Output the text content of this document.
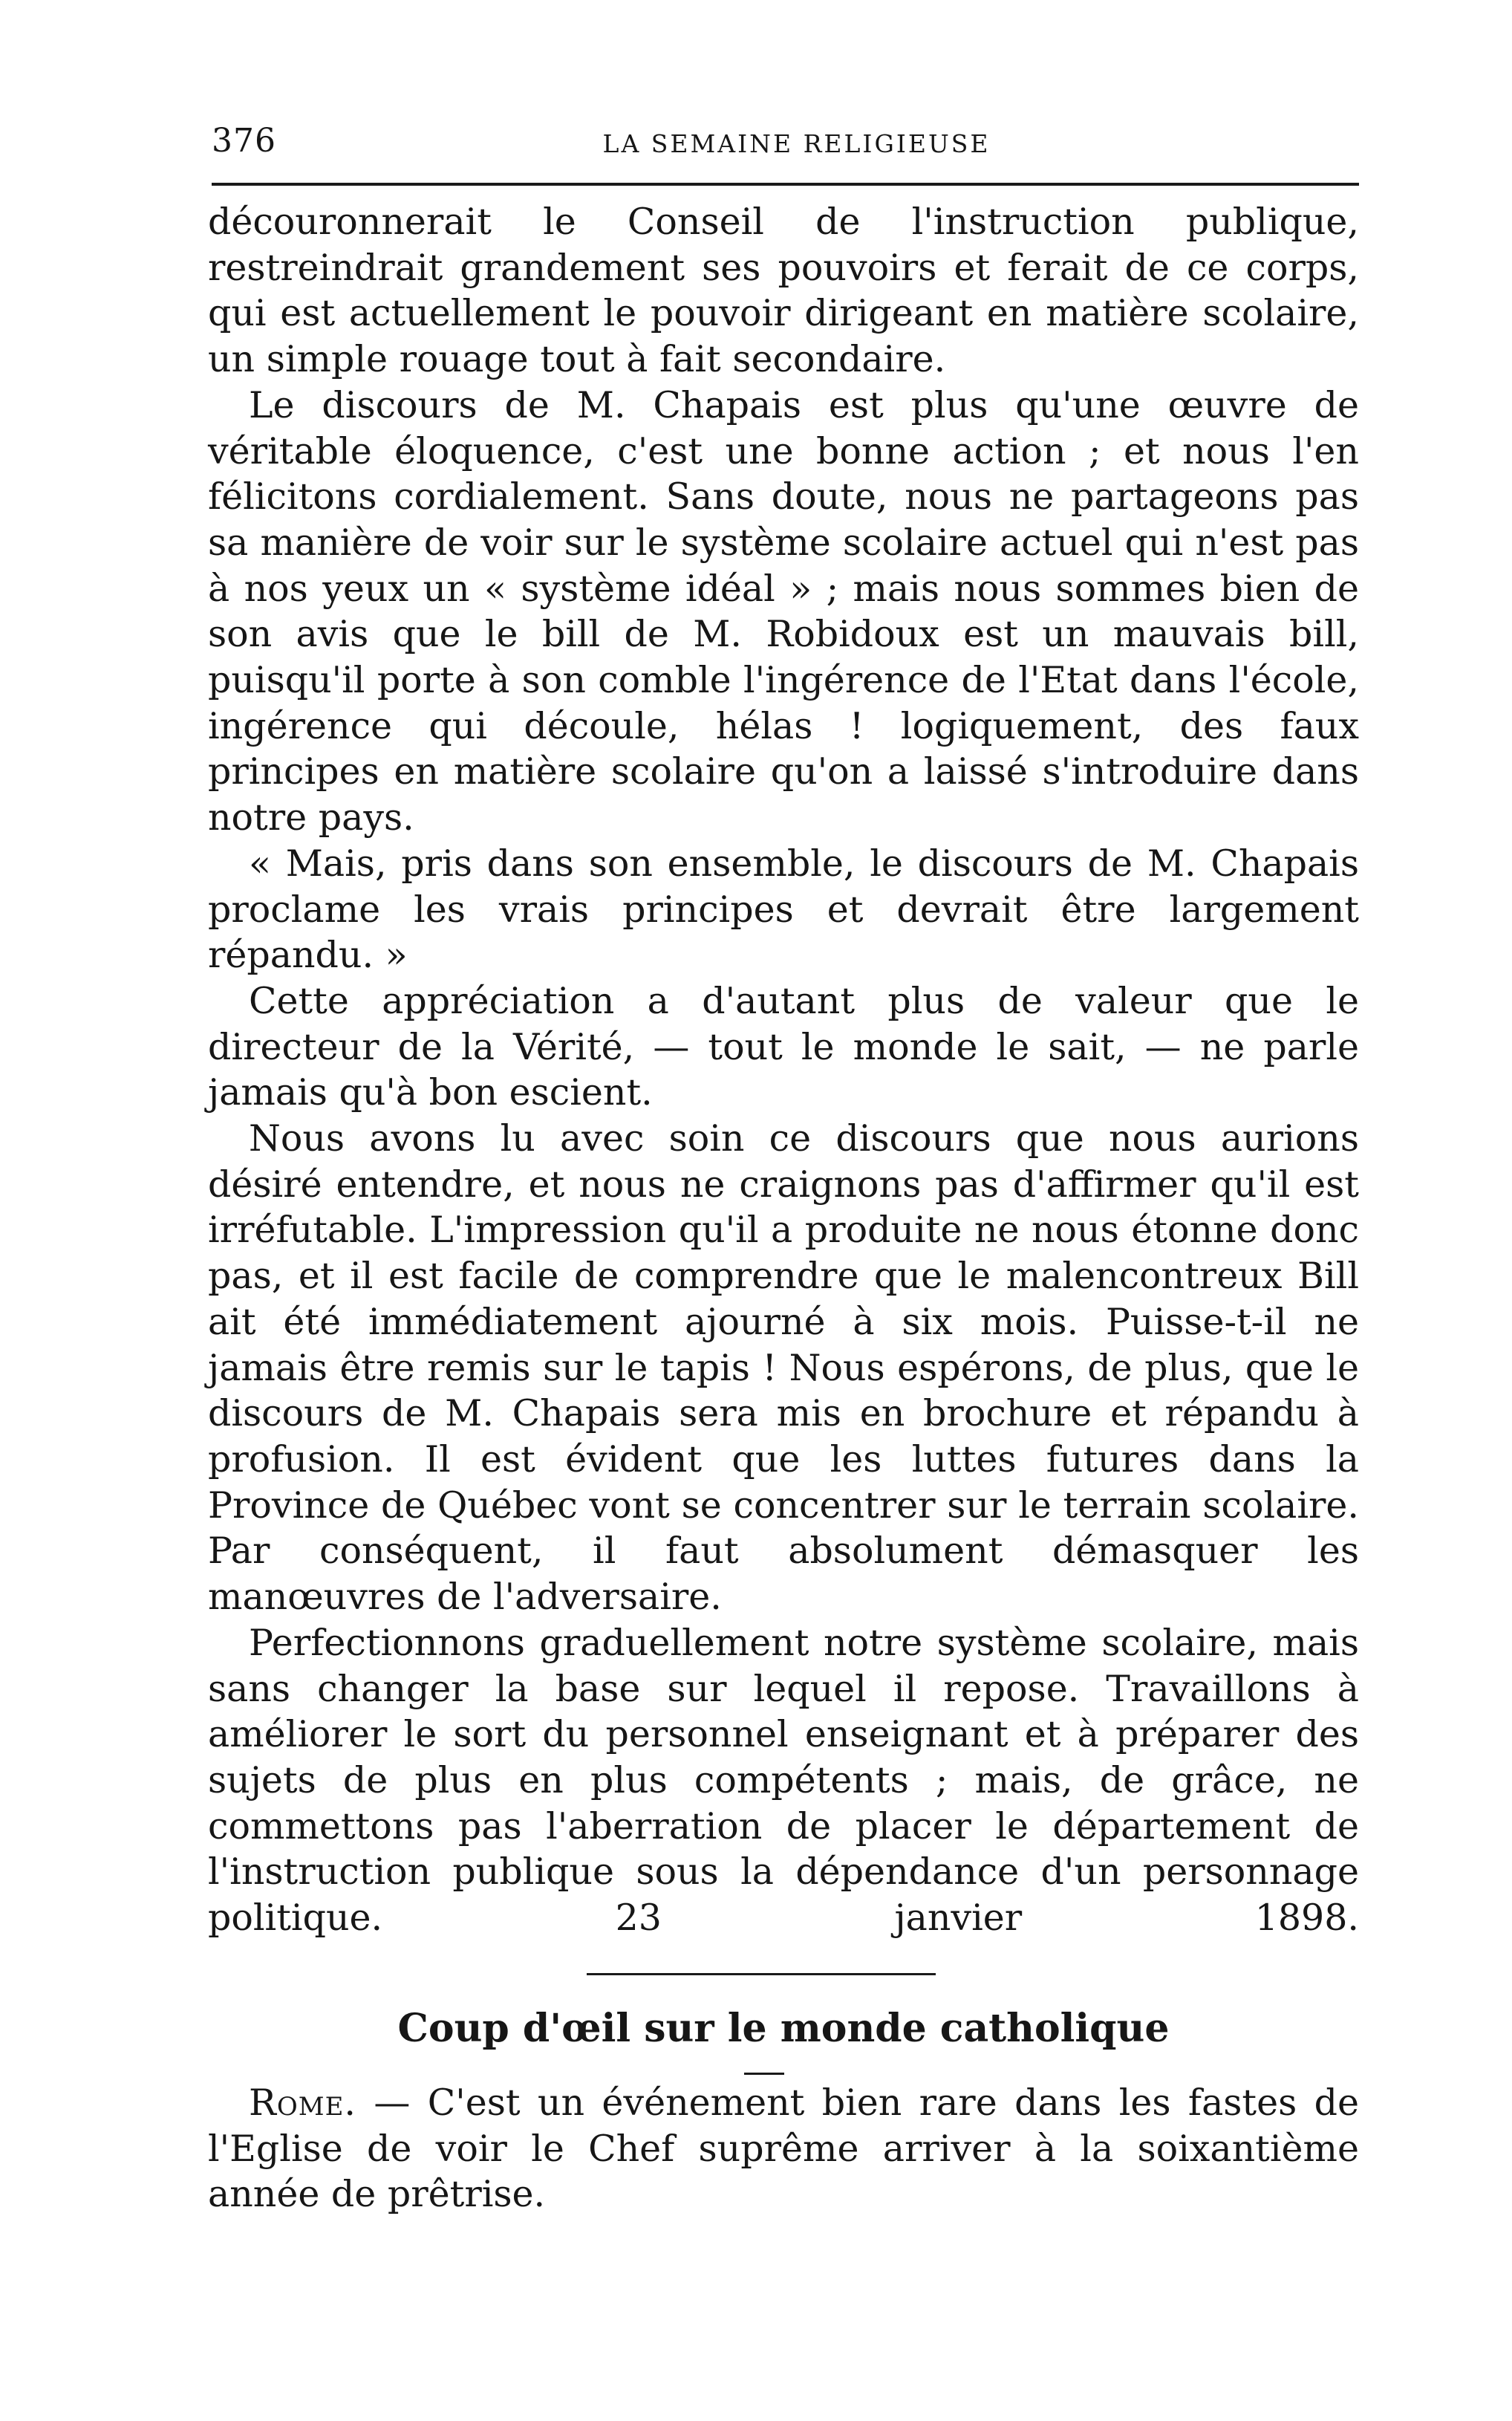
376	LA SEMAINE RELIGIEUSE

découronnerait le Conseil de l'instruction publique, restreindrait grandement ses pouvoirs et ferait de ce corps, qui est actuellement le pouvoir dirigeant en matière scolaire, un simple rouage tout à fait secondaire.

Le discours de M. Chapais est plus qu'une œuvre de véritable éloquence, c'est une bonne action ; et nous l'en félicitons cordialement. Sans doute, nous ne partageons pas sa manière de voir sur le système scolaire actuel qui n'est pas à nos yeux un « système idéal » ; mais nous sommes bien de son avis que le bill de M. Robidoux est un mauvais bill, puisqu'il porte à son comble l'ingérence de l'Etat dans l'école, ingérence qui découle, hélas ! logiquement, des faux principes en matière scolaire qu'on a laissé s'introduire dans notre pays.

« Mais, pris dans son ensemble, le discours de M. Chapais proclame les vrais principes et devrait être largement répandu. »

Cette appréciation a d'autant plus de valeur que le directeur de la Vérité, — tout le monde le sait, — ne parle jamais qu'à bon escient.

Nous avons lu avec soin ce discours que nous aurions désiré entendre, et nous ne craignons pas d'affirmer qu'il est irréfutable. L'impression qu'il a produite ne nous étonne donc pas, et il est facile de comprendre que le malencontreux Bill ait été immédiatement ajourné à six mois. Puisse-t-il ne jamais être remis sur le tapis ! Nous espérons, de plus, que le discours de M. Chapais sera mis en brochure et répandu à profusion. Il est évident que les luttes futures dans la Province de Québec vont se concentrer sur le terrain scolaire. Par conséquent, il faut absolument démasquer les manœuvres de l'adversaire.

Perfectionnons graduellement notre système scolaire, mais sans changer la base sur lequel il repose. Travaillons à améliorer le sort du personnel enseignant et à préparer des sujets de plus en plus compétents ; mais, de grâce, ne commettons pas l'aberration de placer le département de l'instruction publique sous la dépendance d'un personnage politique.	23 janvier 1898.

Coup d'œil sur le monde catholique

Rome. — C'est un événement bien rare dans les fastes de l'Eglise de voir le Chef suprême arriver à la soixantième année de prêtrise.
